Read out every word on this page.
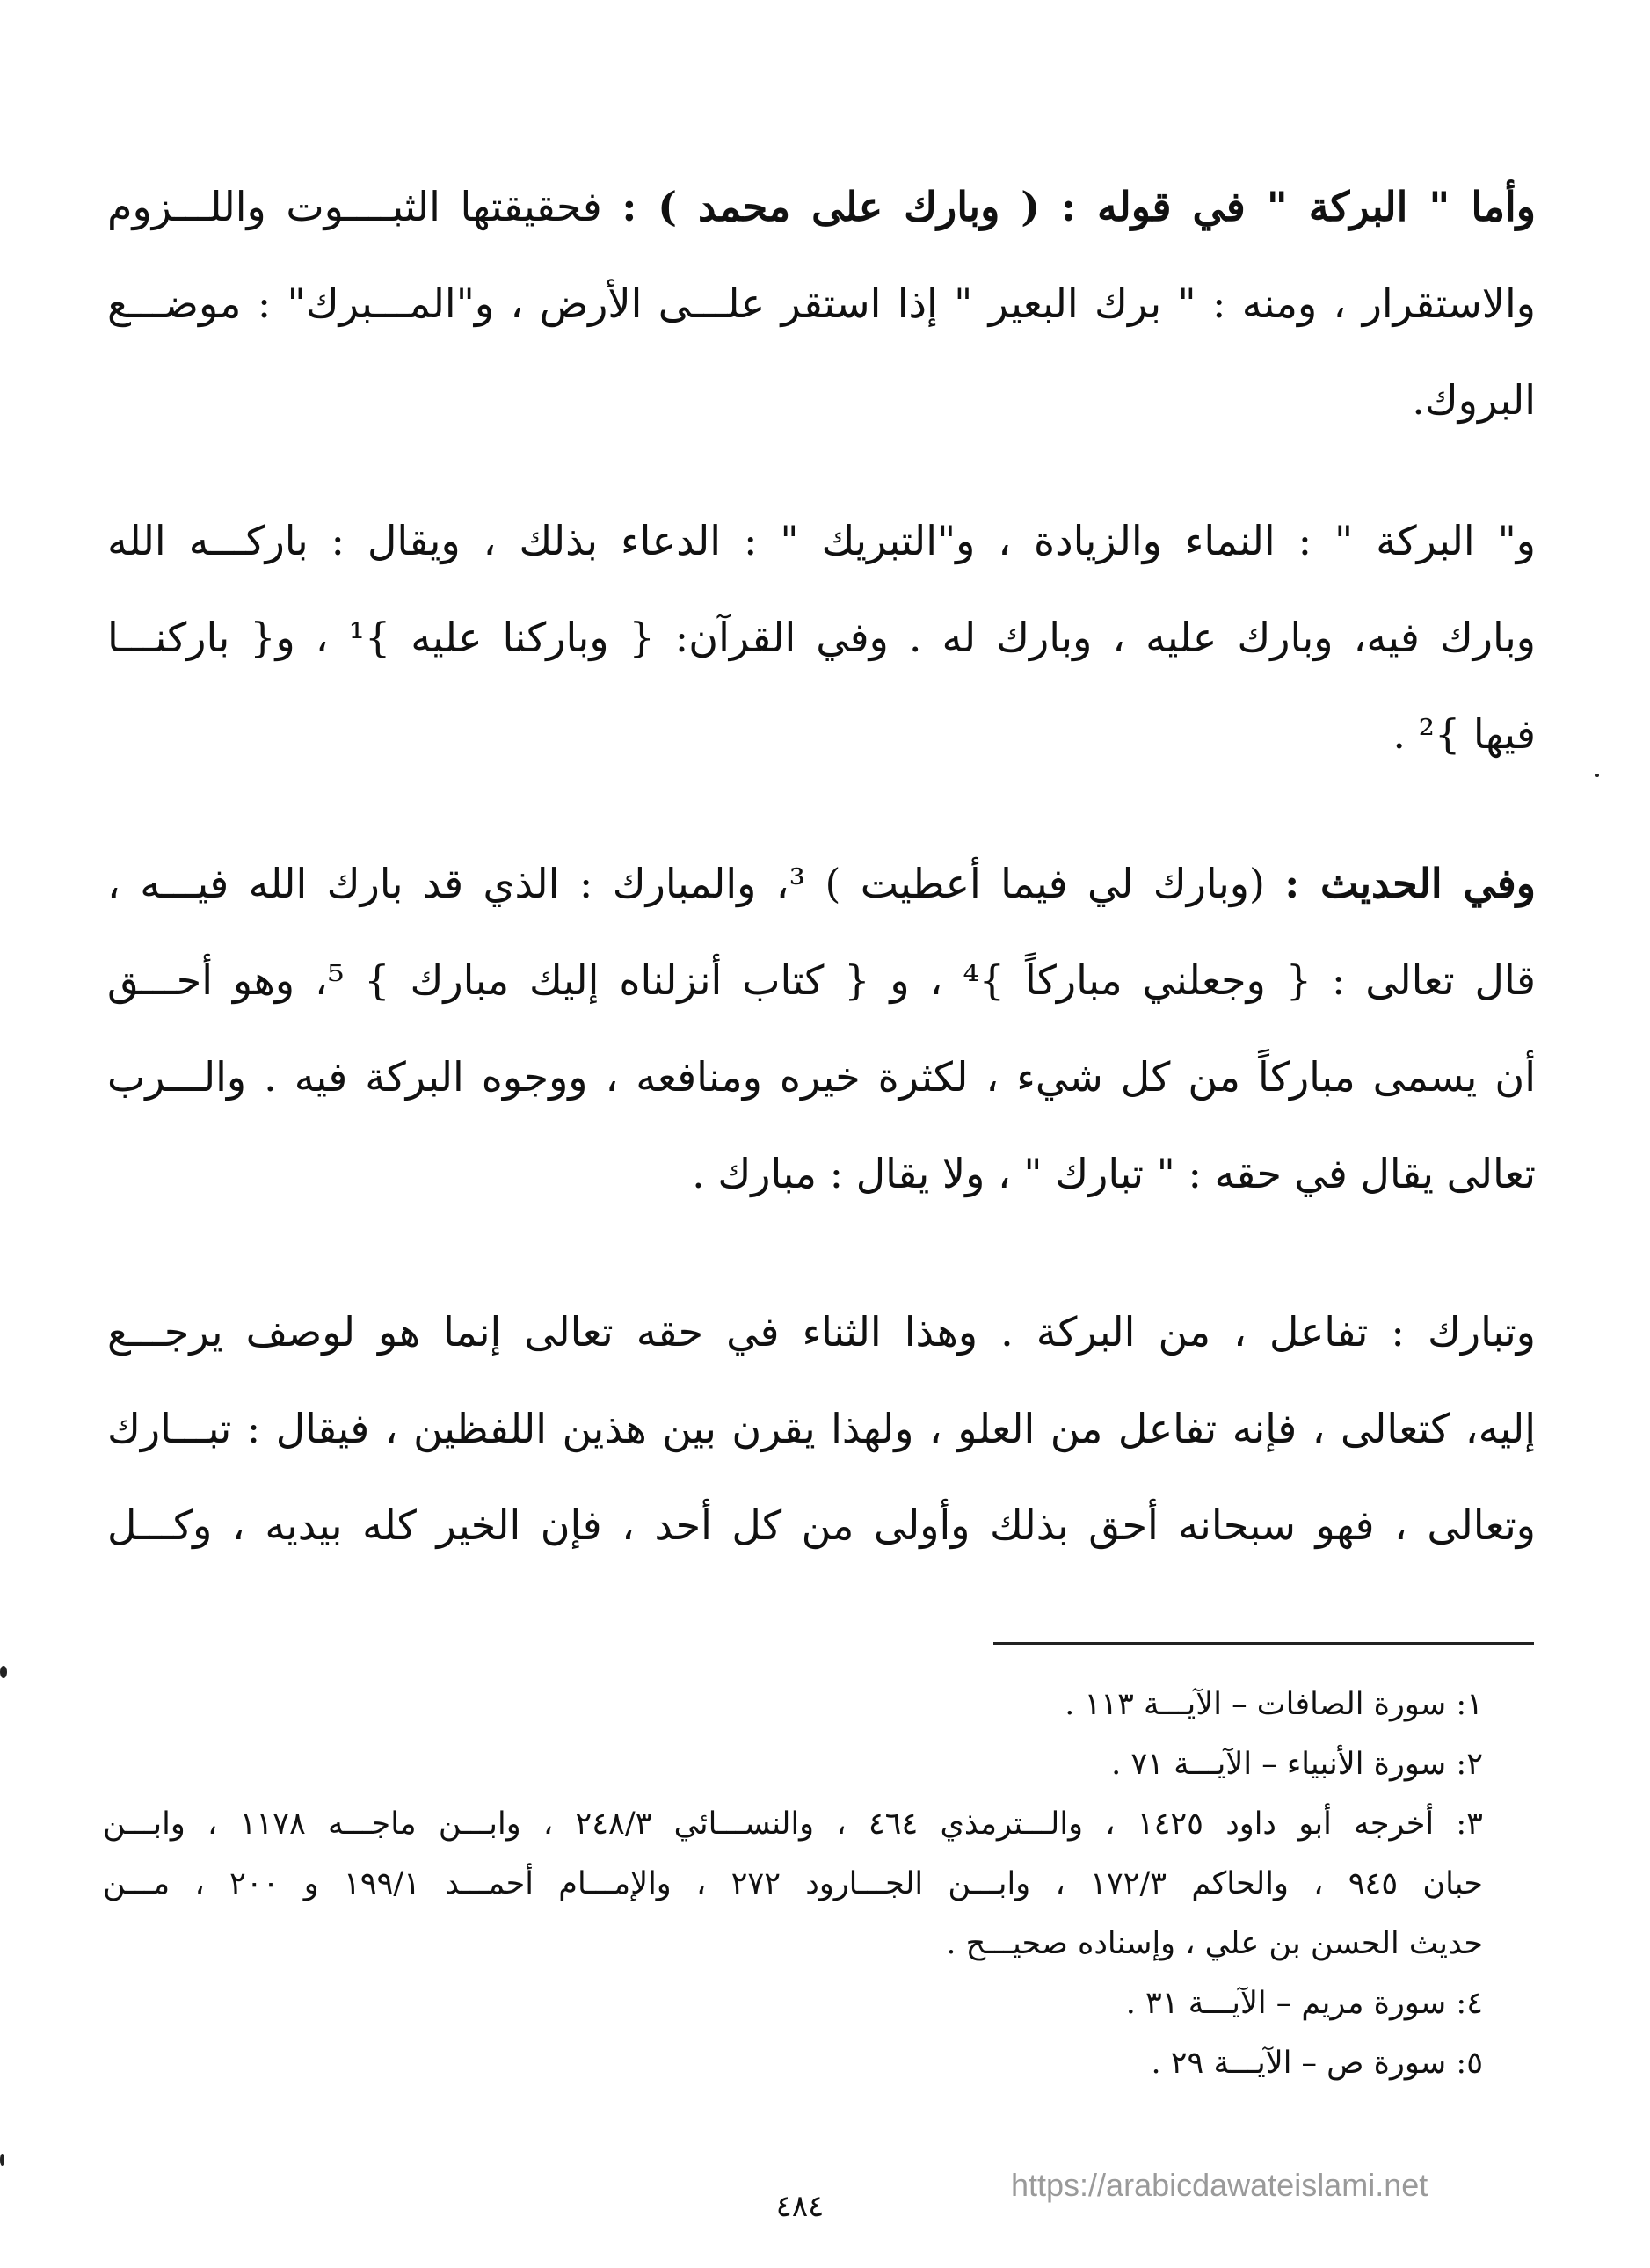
وأما " البركة " في قوله : ( وبارك على محمد ) : فحقيقتها الثبــــوت واللـــزوم
والاستقرار ، ومنه : " برك البعير " إذا استقر علـــى الأرض ، و"المـــبرك" : موضـــع
البروك.
و" البركة " : النماء والزيادة ، و"التبريك " : الدعاء بذلك ، ويقال : باركـــه الله
وبارك فيه، وبارك عليه ، وبارك له . وفي القرآن: { وباركنا عليه }¹ ، و{ باركنـــا
فيها }² .
وفي الحديث : (وبارك لي فيما أعطيت ) ³، والمبارك : الذي قد بارك الله فيـــه ،
قال تعالى : { وجعلني مباركاً }⁴ ، و { كتاب أنزلناه إليك مبارك } ⁵، وهو أحـــق
أن يسمى مباركاً من كل شيء ، لكثرة خيره ومنافعه ، ووجوه البركة فيه . والـــرب
تعالى يقال في حقه : " تبارك " ، ولا يقال : مبارك .
وتبارك : تفاعل ، من البركة . وهذا الثناء في حقه تعالى إنما هو لوصف يرجـــع
إليه، كتعالى ، فإنه تفاعل من العلو ، ولهذا يقرن بين هذين اللفظين ، فيقال : تبـــارك
وتعالى ، فهو سبحانه أحق بذلك وأولى من كل أحد ، فإن الخير كله بيديه ، وكـــل
١: سورة الصافات – الآيـــة ١١٣ .
٢: سورة الأنبياء – الآيـــة ٧١ .
٣: أخرجه أبو داود ١٤٢٥ ، والـــترمذي ٤٦٤ ، والنســـائي ٢٤٨/٣ ، وابـــن ماجـــه ١١٧٨ ، وابـــن
حبان ٩٤٥ ، والحاكم ١٧٢/٣ ، وابـــن الجـــارود ٢٧٢ ، والإمـــام أحمـــد ١٩٩/١ و ٢٠٠ ، مـــن
حديث الحسن بن علي ، وإسناده صحيـــح .
٤: سورة مريم – الآيـــة ٣١ .
٥: سورة ص – الآيـــة ٢٩ .
https://arabicdawateislami.net
٤٨٤
